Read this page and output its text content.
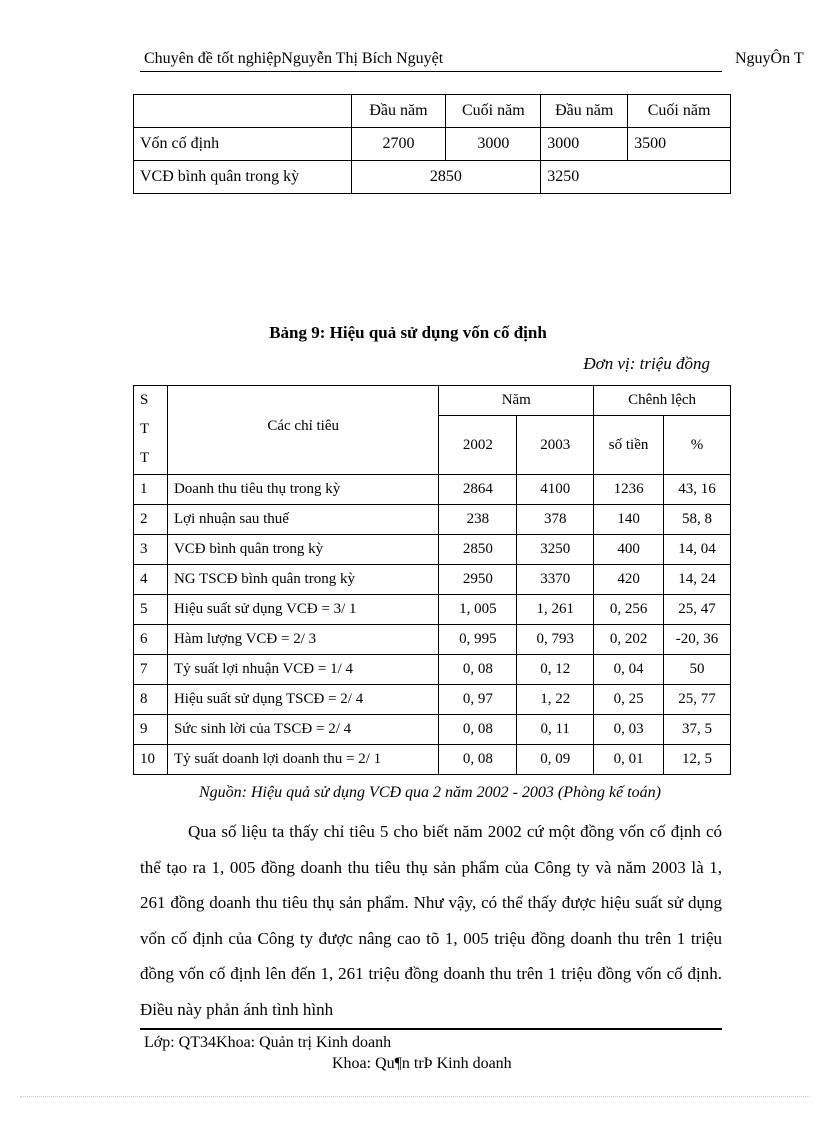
Chuyên đề tốt nghiệpNguyễn Thị Bích Nguyệt	NguyÔn T
	Đầu năm	Cuối năm	Đầu năm	Cuối năm
Vốn cố định	2700	3000	3000	3500
VCĐ bình quân trong kỳ	2850		3250	
Bảng 9: Hiệu quả sử dụng vốn cố định
Đơn vị: triệu đồng
S
T
T	Các chỉ tiêu	Năm		Chênh lệch	
		2002	2003	số tiền	%
1	Doanh thu tiêu thụ trong kỳ	2864	4100	1236	43, 16
2	Lợi nhuận sau thuế	238	378	140	58, 8
3	VCĐ bình quân trong kỳ	2850	3250	400	14, 04
4	NG TSCĐ bình quân trong kỳ	2950	3370	420	14, 24
5	Hiệu suất sử dụng VCĐ = 3/ 1	1, 005	1, 261	0, 256	25, 47
6	Hàm lượng VCĐ = 2/ 3	0, 995	0, 793	0, 202	-20, 36
7	Tỷ suất lợi nhuận VCĐ = 1/ 4	0, 08	0, 12	0, 04	50
8	Hiệu suất sử dụng TSCĐ = 2/ 4	0, 97	1, 22	0, 25	25, 77
9	Sức sinh lời của TSCĐ = 2/ 4	0, 08	0, 11	0, 03	37, 5
10	Tỷ suất doanh lợi doanh thu = 2/ 1	0, 08	0, 09	0, 01	12, 5
Nguồn: Hiệu quả sử dụng VCĐ qua 2 năm 2002 - 2003 (Phòng kế toán)
Qua số liệu ta thấy chỉ tiêu 5 cho biết năm 2002 cứ một đồng vốn cố định có thể tạo ra 1, 005 đồng doanh thu tiêu thụ sản phẩm của Công ty và năm 2003 là 1, 261 đồng doanh thu tiêu thụ sản phẩm. Như vậy, có thể thấy được hiệu suất sử dụng vốn cố định của Công ty được nâng cao tõ 1, 005 triệu đồng doanh thu trên 1 triệu đồng vốn cố định lên đến 1, 261 triệu đồng doanh thu trên 1 triệu đồng vốn cố định. Điều này phản ánh tình hình
Lớp: QT34Khoa: Quản trị Kinh doanh
Khoa: Qu¶n trÞ Kinh doanh
